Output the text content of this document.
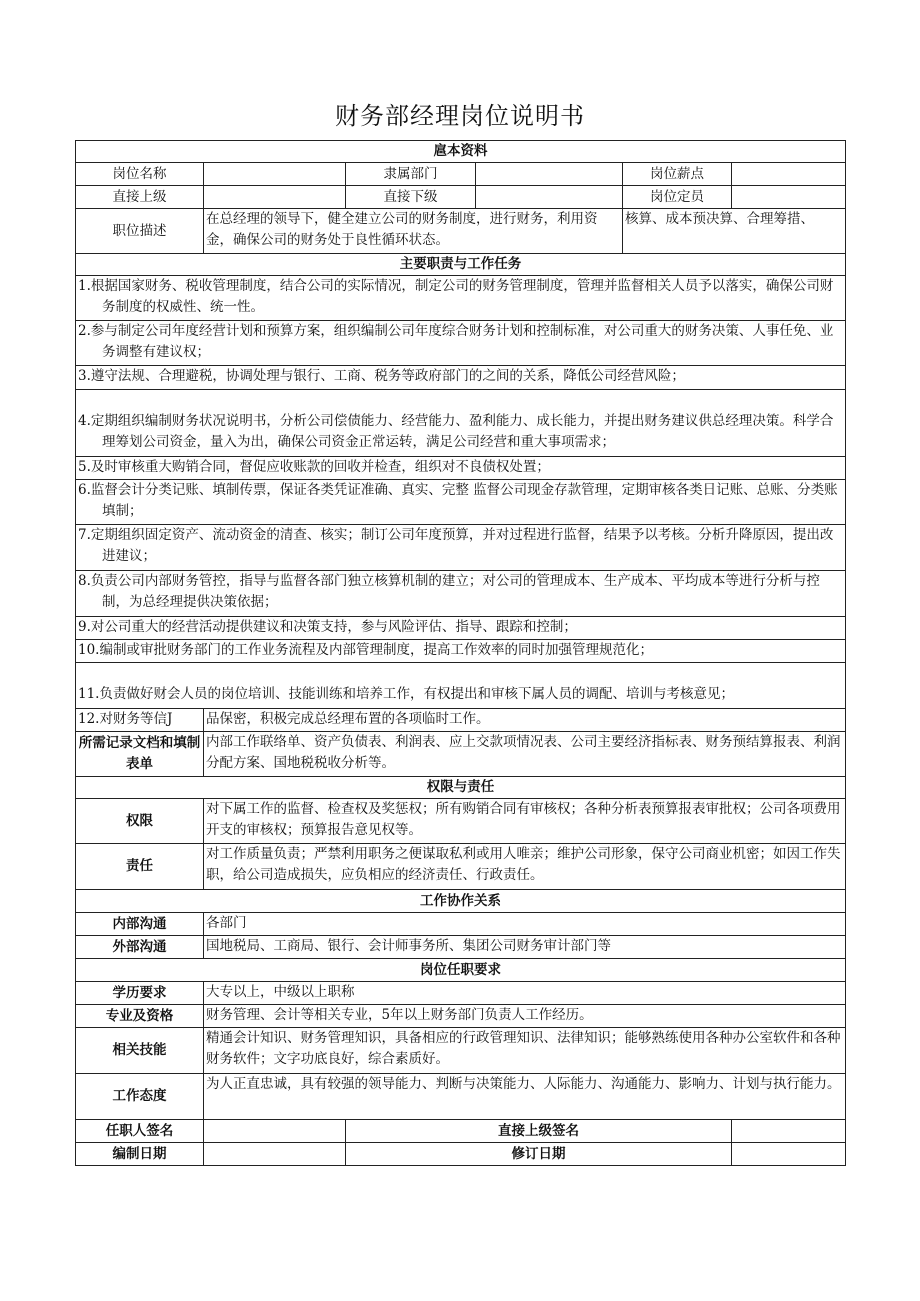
财务部经理岗位说明书
扈本资料					
岗位名称		隶属部门		岗位薪点	
直接上级		直接下级		岗位定员	
职位描述	在总经理的领导下，健全建立公司的财务制度，进行财务，利用资金，确保公司的财务处于良性循环状态。			核算、成本预决算、合理筹措、	
主要职责与工作任务					

1.根据国家财务、税收管理制度，结合公司的实际情况，制定公司的财务管理制度，管理并监督相关人员予以落实，确保公司财务制度的权威性、统一性。					

2.参与制定公司年度经营计划和预算方案，组织编制公司年度综合财务计划和控制标准，对公司重大的财务决策、人事任免、业务调整有建议权；					

3.遵守法规、合理避税，协调处理与银行、工商、税务等政府部门的之间的关系，降低公司经营风险；					

4.定期组织编制财务状况说明书，分析公司偿债能力、经营能力、盈利能力、成长能力，并提出财务建议供总经理决策。科学合理筹划公司资金，量入为出，确保公司资金正常运转，满足公司经营和重大事项需求；					

5.及时审核重大购销合同，督促应收账款的回收并检查，组织对不良债权处置；					

6.监督会计分类记账、填制传票，保证各类凭证准确、真实、完整 监督公司现金存款管理，定期审核各类日记账、总账、分类账填制；					

7.定期组织固定资产、流动资金的清查、核实；制订公司年度预算，并对过程进行监督，结果予以考核。分析升降原因，提出改进建议；					

8.负责公司内部财务管控，指导与监督各部门独立核算机制的建立；对公司的管理成本、生产成本、平均成本等进行分析与控制，为总经理提供决策依据；					

9.对公司重大的经营活动提供建议和决策支持，参与风险评估、指导、跟踪和控制；					

10.编制或审批财务部门的工作业务流程及内部管理制度，提高工作效率的同时加强管理规范化；					

11.负责做好财会人员的岗位培训、技能训练和培养工作，有权提出和审核下属人员的调配、培训与考核意见；					

12.对财务等信J	品保密，积极完成总经理布置的各项临时工作。				
所需记录文档和填制表单	内部工作联络单、资产负债表、利润表、应上交款项情况表、公司主要经济指标表、财务预结算报表、利润分配方案、国地税税收分析等。				
权限与责任					
权限	对下属工作的监督、检查权及奖惩权；所有购销合同有审核权；各种分析表预算报表审批权；公司各项费用开支的审核权；预算报告意见权等。				
责任	对工作质量负责；严禁利用职务之便谋取私利或用人唯亲；维护公司形象，保守公司商业机密；如因工作失职，给公司造成损失，应负相应的经济责任、行政责任。				
工作协作关系					
内部沟通	各部门				
外部沟通	国地税局、工商局、银行、会计师事务所、集团公司财务审计部门等				
岗位任职要求					
学历要求	大专以上，中级以上职称				
专业及资格	财务管理、会计等相关专业，5年以上财务部门负责人工作经历。				
相关技能	精通会计知识、财务管理知识，具备相应的行政管理知识、法律知识；能够熟练使用各种办公室软件和各种财务软件；文字功底良好，综合素质好。				
工作态度	为人正直忠诚，具有较强的领导能力、判断与决策能力、人际能力、沟通能力、影响力、计划与执行能力。				
任职人签名		直接上级签名			
编制日期		修订日期			
